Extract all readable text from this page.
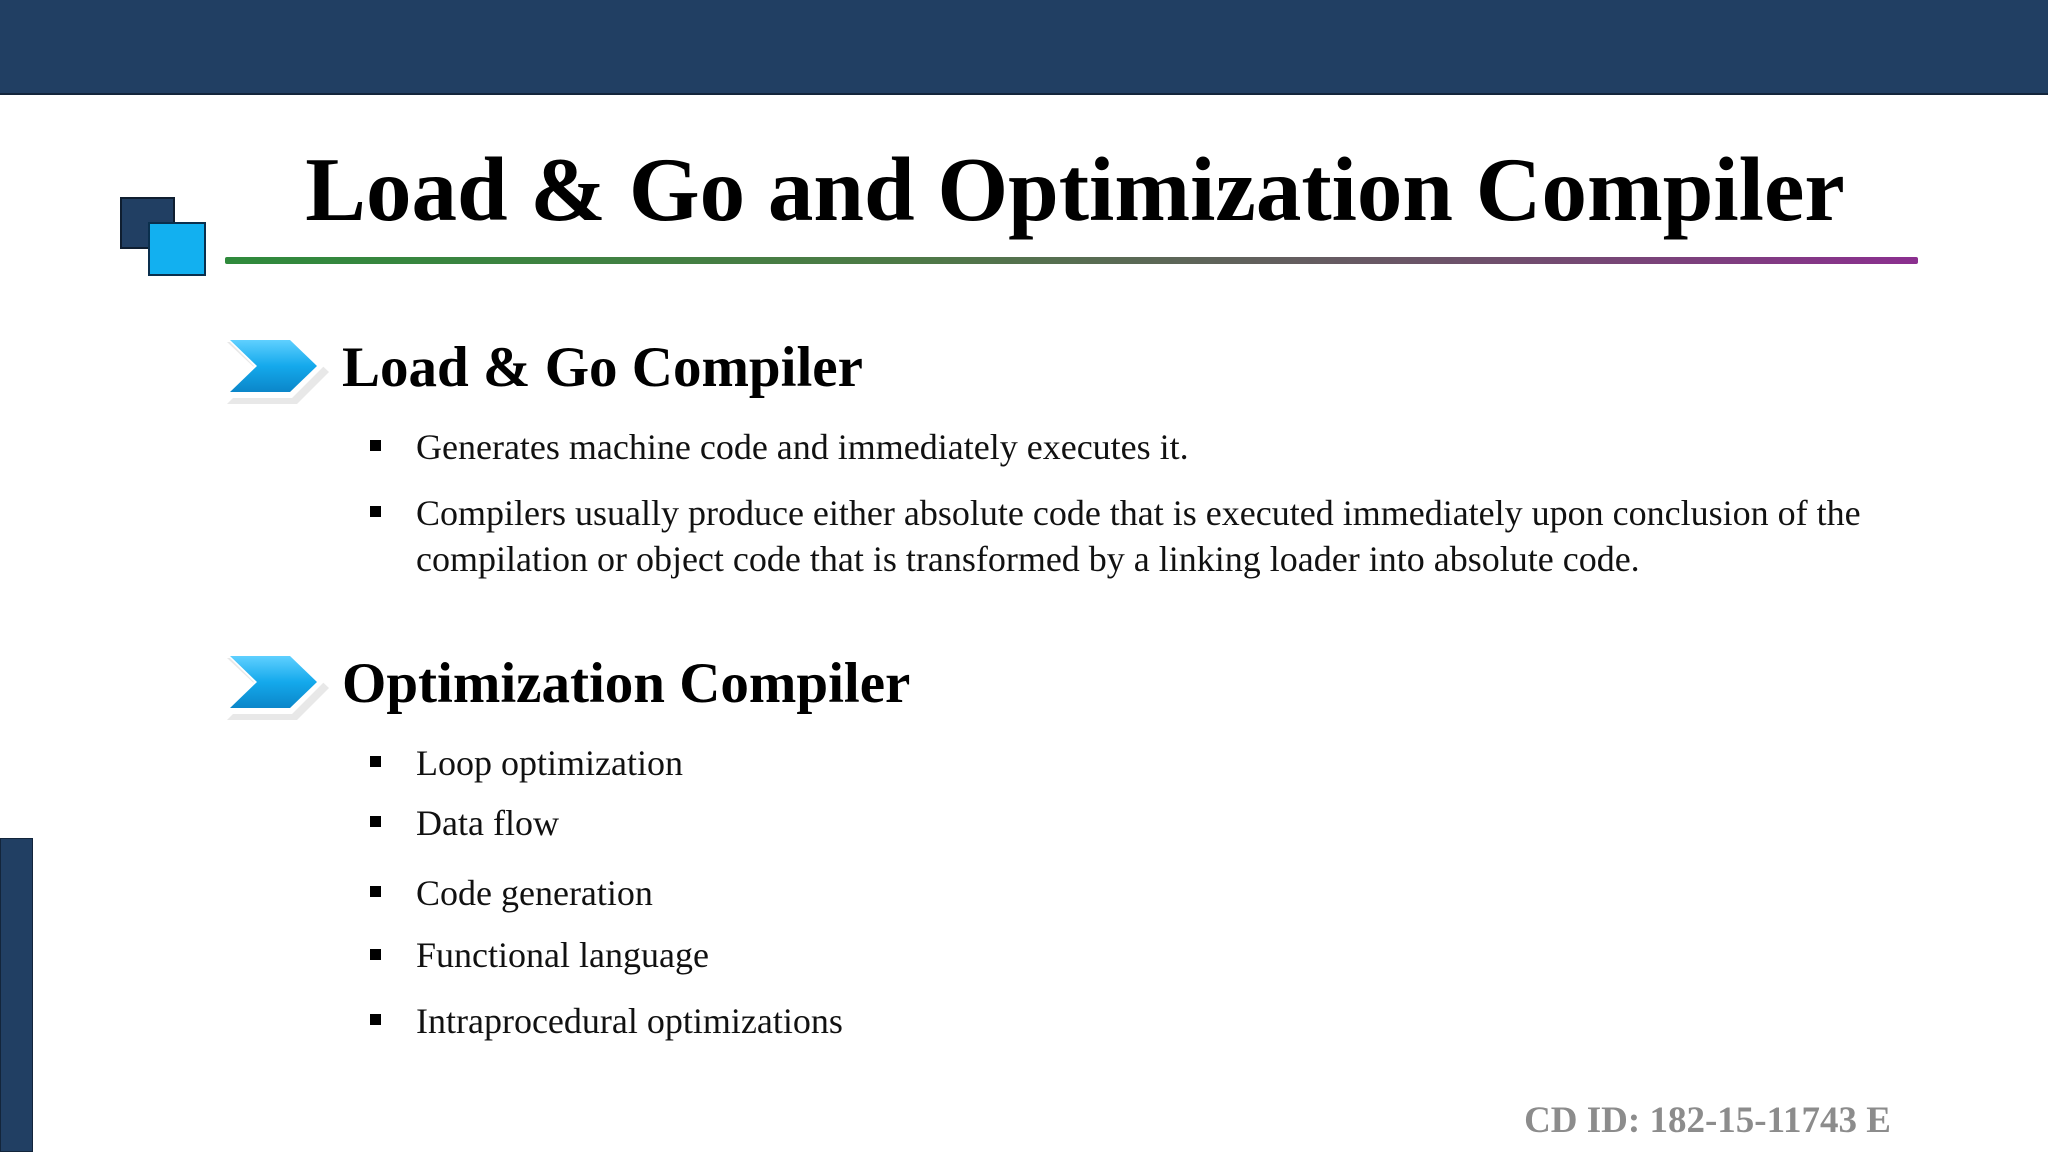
Load & Go and Optimization Compiler
Load & Go Compiler
Generates machine code and immediately executes it.
Compilers usually produce either absolute code that is executed immediately upon conclusion of the compilation or object code that is transformed by a linking loader into absolute code.
Optimization Compiler
Loop optimization
Data flow
Code generation
Functional language
Intraprocedural optimizations
CD ID: 182-15-11743 E
